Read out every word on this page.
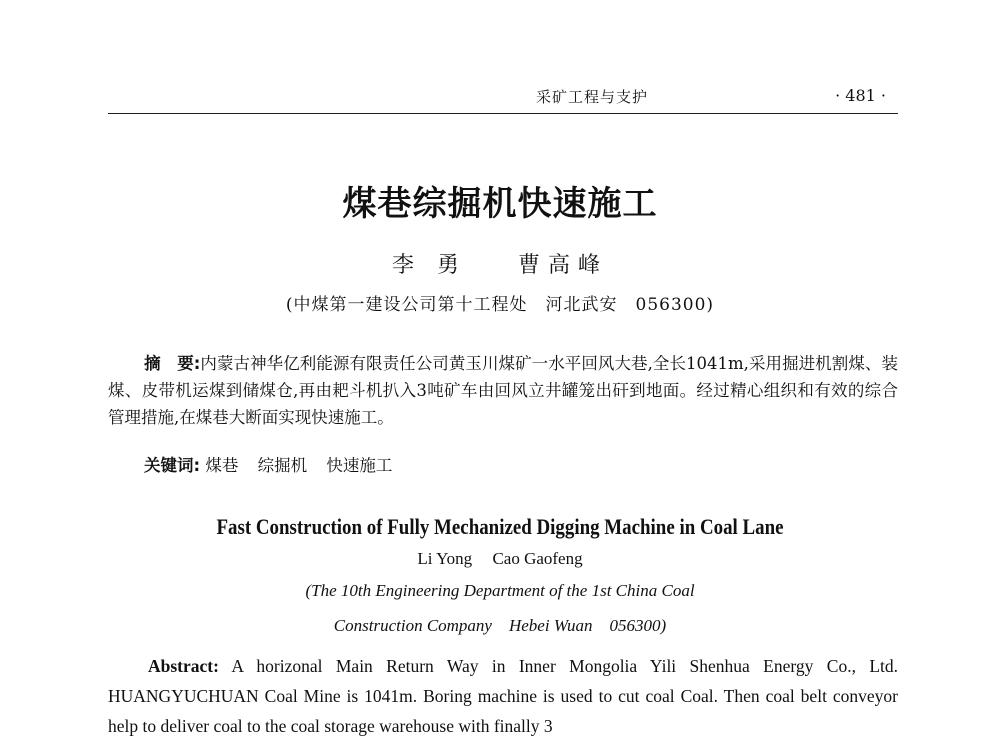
采矿工程与支护	· 481 ·
煤巷综掘机快速施工
李 勇 曹高峰
(中煤第一建设公司第十工程处　河北武安　056300)
摘　要:内蒙古神华亿利能源有限责任公司黄玉川煤矿一水平回风大巷,全长1041m,采用掘进机割煤、装煤、皮带机运煤到储煤仓,再由耙斗机扒入3吨矿车由回风立井罐笼出矸到地面。经过精心组织和有效的综合管理措施,在煤巷大断面实现快速施工。
关键词: 煤巷 综掘机 快速施工
Fast Construction of Fully Mechanized Digging Machine in Coal Lane
Li Yong Cao Gaofeng
(The 10th Engineering Department of the 1st China Coal
Construction Company　Hebei Wuan　056300)
Abstract: A horizonal Main Return Way in Inner Mongolia Yili Shenhua Energy Co., Ltd. HUANGYUCHUAN Coal Mine is 1041m. Boring machine is used to cut coal Coal. Then coal belt conveyor help to deliver coal to the coal storage warehouse with finally 3
